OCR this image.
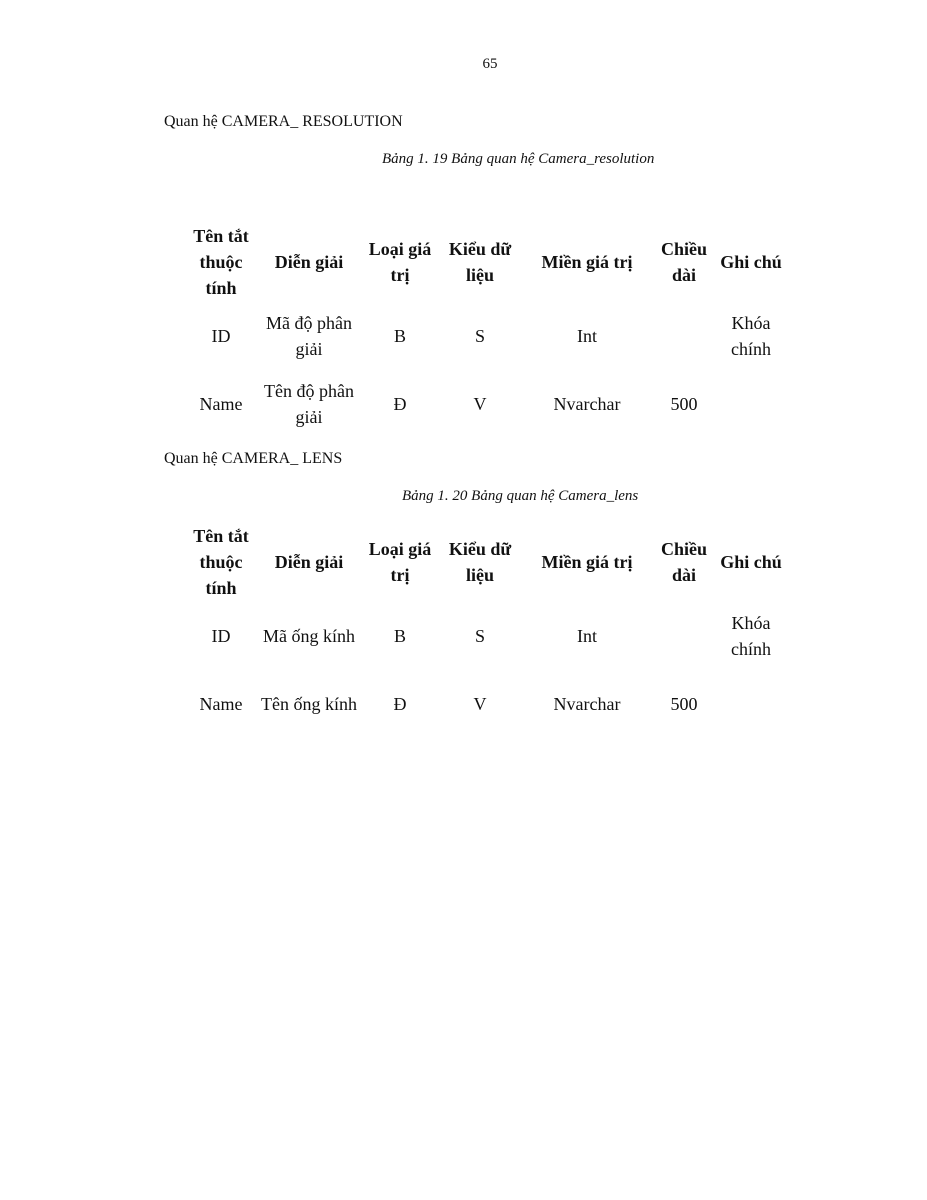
65
Quan hệ CAMERA_ RESOLUTION
Bảng 1. 19 Bảng quan hệ Camera_resolution
Tên tắt thuộc tính	Diễn giải	Loại giá trị	Kiểu dữ liệu	Miền giá trị	Chiều dài	Ghi chú
ID	Mã độ phân giải	B	S	Int		Khóa chính
Name	Tên độ phân giải	Đ	V	Nvarchar	500	
Quan hệ CAMERA_ LENS
Bảng 1. 20 Bảng quan hệ Camera_lens
Tên tắt thuộc tính	Diễn giải	Loại giá trị	Kiểu dữ liệu	Miền giá trị	Chiều dài	Ghi chú
ID	Mã ống kính	B	S	Int		Khóa chính
Name	Tên ống kính	Đ	V	Nvarchar	500	
